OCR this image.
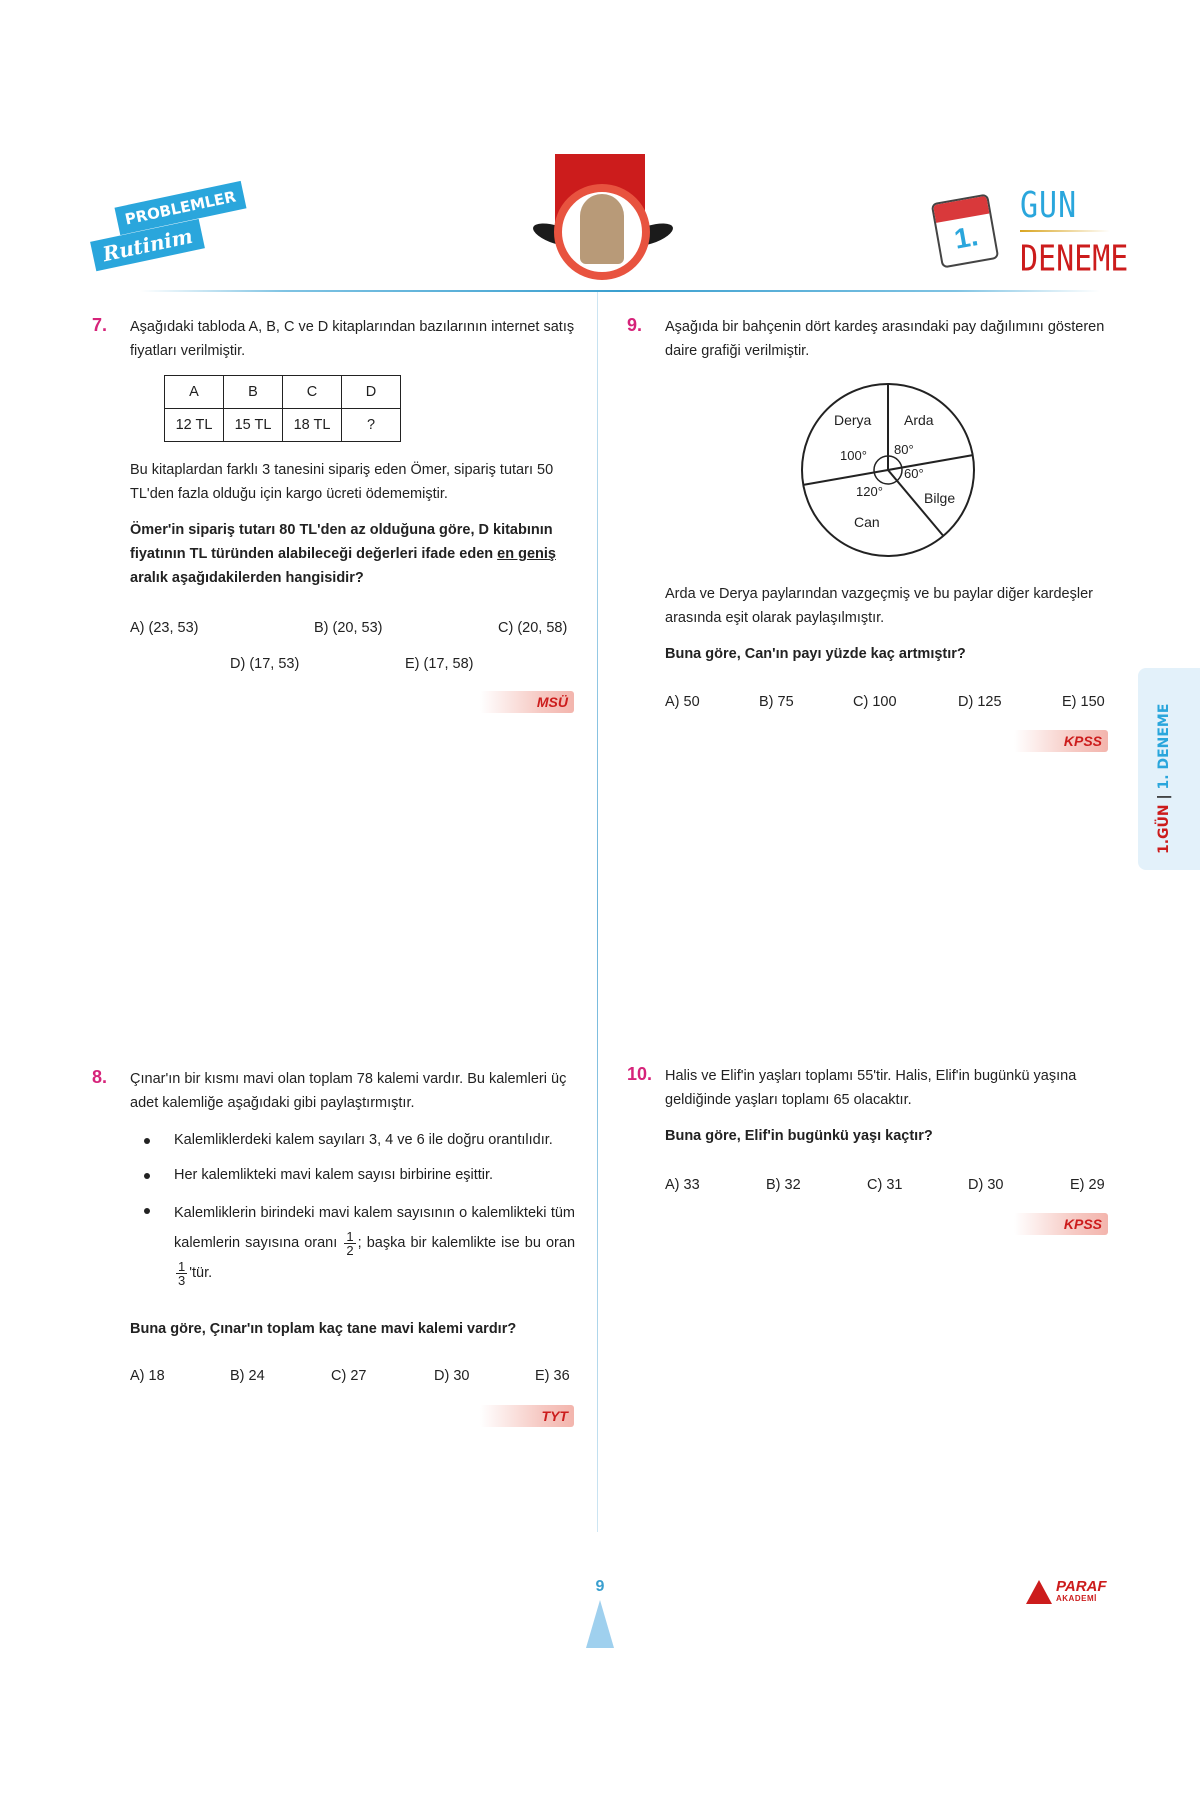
PROBLEMLER
Rutinim	1.
GUN
DENEME
7. Aşağıdaki tabloda A, B, C ve D kitaplarından bazılarının internet satış fiyatları verilmiştir.
A	B	C	D
12 TL	15 TL	18 TL	?
Bu kitaplardan farklı 3 tanesini sipariş eden Ömer, sipariş tutarı 50 TL'den fazla olduğu için kargo ücreti ödememiştir.
Ömer'in sipariş tutarı 80 TL'den az olduğuna göre, D kitabının fiyatının TL türünden alabileceği değerleri ifade eden en geniş aralık aşağıdakilerden hangisidir?
A) (23, 53)	B) (20, 53)	C) (20, 58)
D) (17, 53)	E) (17, 58)
MSÜ
9. Aşağıda bir bahçenin dört kardeş arasındaki pay dağılımını gösteren daire grafiği verilmiştir.
Derya Arda
Bilge
Can
100° 80°
60°
120°
Arda ve Derya paylarından vazgeçmiş ve bu paylar diğer kardeşler arasında eşit olarak paylaşılmıştır.
Buna göre, Can'ın payı yüzde kaç artmıştır?
A) 50	B) 75	C) 100	D) 125	E) 150
KPSS
1.GÜN | 1. DENEME
8. Çınar'ın bir kısmı mavi olan toplam 78 kalemi vardır. Bu kalemleri üç adet kalemliğe aşağıdaki gibi paylaştırmıştır.
Kalemliklerdeki kalem sayıları 3, 4 ve 6 ile doğru orantılıdır.
Her kalemlikteki mavi kalem sayısı birbirine eşittir.
Kalemliklerin birindeki mavi kalem sayısının o kalemlikteki tüm kalemlerin sayısına oranı $\frac{1}{2}$ ; başka bir kalemlikte ise bu oran
$\frac{1}{3}$ 'tür.
Buna göre, Çınar'ın toplam kaç tane mavi kalemi vardır?
A) 18	B) 24	C) 27	D) 30	E) 36
TYT
10. Halis ve Elif'in yaşları toplamı 55'tir. Halis, Elif'in bugünkü yaşına geldiğinde yaşları toplamı 65 olacaktır.
Buna göre, Elif'in bugünkü yaşı kaçtır?
A) 33	B) 32	C) 31	D) 30	E) 29
KPSS
9	PARAF
AKADEMİ
